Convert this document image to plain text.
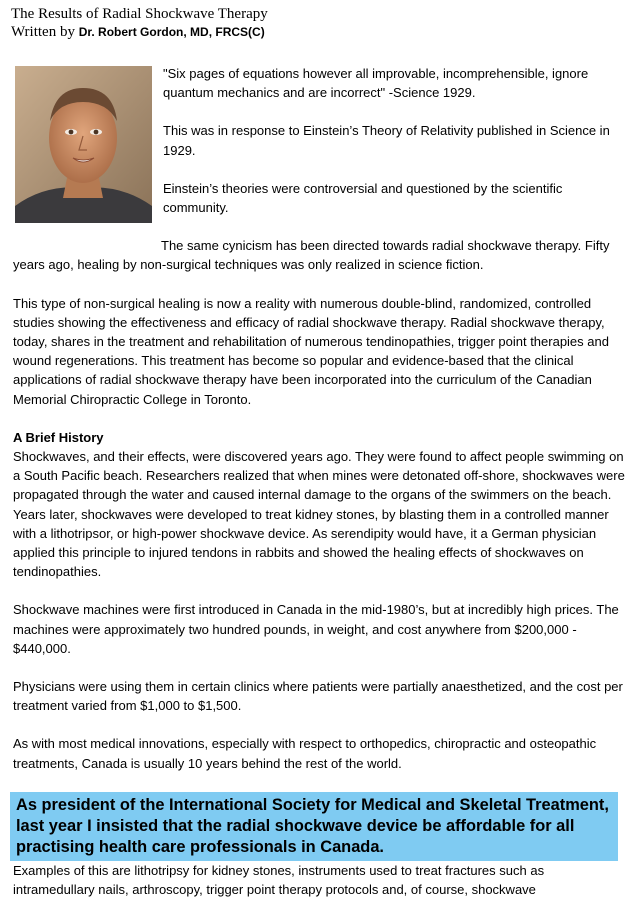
The Results of Radial Shockwave Therapy
Written by Dr. Robert Gordon, MD, FRCS(C)

"Six pages of equations however all improvable, incomprehensible, ignore quantum mechanics and are incorrect" -Science 1929.

This was in response to Einstein’s Theory of Relativity published in Science in 1929.

Einstein’s theories were controversial and questioned by the scientific community.

The same cynicism has been directed towards radial shockwave therapy. Fifty years ago, healing by non-surgical techniques was only realized in science fiction.

This type of non-surgical healing is now a reality with numerous double-blind, randomized, controlled studies showing the effectiveness and efficacy of radial shockwave therapy. Radial shockwave therapy, today, shares in the treatment and rehabilitation of numerous tendinopathies, trigger point therapies and wound regenerations. This treatment has become so popular and evidence-based that the clinical applications of radial shockwave therapy have been incorporated into the curriculum of the Canadian Memorial Chiropractic College in Toronto.

A Brief History

Shockwaves, and their effects, were discovered years ago. They were found to affect people swimming on a South Pacific beach. Researchers realized that when mines were detonated off-shore, shockwaves were propagated through the water and caused internal damage to the organs of the swimmers on the beach. Years later, shockwaves were developed to treat kidney stones, by blasting them in a controlled manner with a lithotripsor, or high-power shockwave device. As serendipity would have, it a German physician applied this principle to injured tendons in rabbits and showed the healing effects of shockwaves on tendinopathies.

Shockwave machines were first introduced in Canada in the mid-1980’s, but at incredibly high prices. The machines were approximately two hundred pounds, in weight, and cost anywhere from $200,000 - $440,000.

Physicians were using them in certain clinics where patients were partially anaesthetized, and the cost per treatment varied from $1,000 to $1,500.

As with most medical innovations, especially with respect to orthopedics, chiropractic and osteopathic treatments, Canada is usually 10 years behind the rest of the world.

As president of the International Society for Medical and Skeletal Treatment, last year I insisted that the radial shockwave device be affordable for all practising health care professionals in Canada.

Examples of this are lithotripsy for kidney stones, instruments used to treat fractures such as intramedullary nails, arthroscopy, trigger point therapy protocols and, of course, shockwave
